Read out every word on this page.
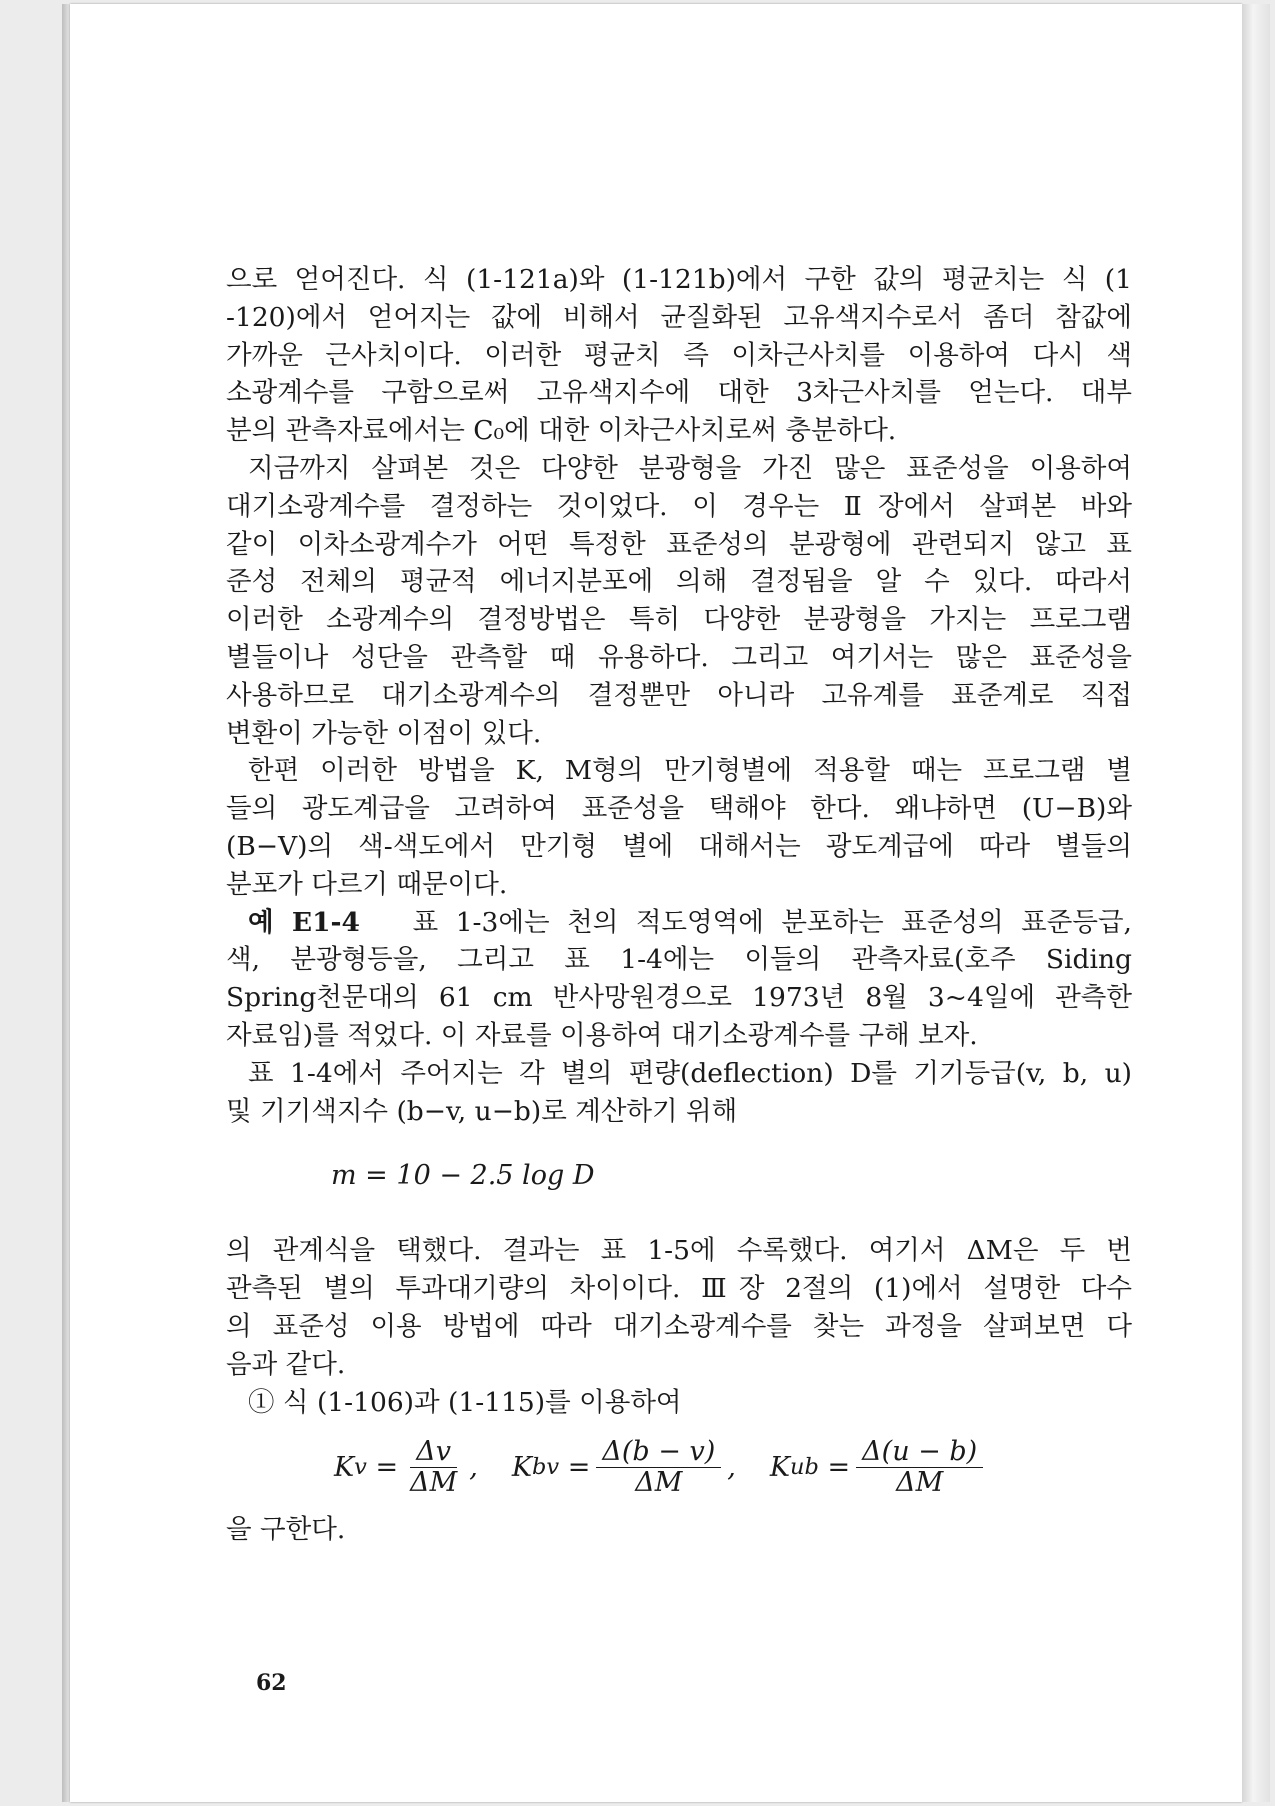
으로 얻어진다. 식 (1-121a)와 (1-121b)에서 구한 값의 평균치는 식 (1
-120)에서 얻어지는 값에 비해서 균질화된 고유색지수로서 좀더 참값에
가까운 근사치이다. 이러한 평균치 즉 이차근사치를 이용하여 다시 색
소광계수를 구함으로써 고유색지수에 대한 3차근사치를 얻는다. 대부
분의 관측자료에서는 C₀에 대한 이차근사치로써 충분하다.
지금까지 살펴본 것은 다양한 분광형을 가진 많은 표준성을 이용하여
대기소광계수를 결정하는 것이었다. 이 경우는 Ⅱ장에서 살펴본 바와
같이 이차소광계수가 어떤 특정한 표준성의 분광형에 관련되지 않고 표
준성 전체의 평균적 에너지분포에 의해 결정됨을 알 수 있다. 따라서
이러한 소광계수의 결정방법은 특히 다양한 분광형을 가지는 프로그램
별들이나 성단을 관측할 때 유용하다. 그리고 여기서는 많은 표준성을
사용하므로 대기소광계수의 결정뿐만 아니라 고유계를 표준계로 직접
변환이 가능한 이점이 있다.
한편 이러한 방법을 K, M형의 만기형별에 적용할 때는 프로그램 별
들의 광도계급을 고려하여 표준성을 택해야 한다. 왜냐하면 (U−B)와
(B−V)의 색-색도에서 만기형 별에 대해서는 광도계급에 따라 별들의
분포가 다르기 때문이다.
예 E1-4 표 1-3에는 천의 적도영역에 분포하는 표준성의 표준등급,
색, 분광형등을, 그리고 표 1-4에는 이들의 관측자료(호주 Siding
Spring천문대의 61 cm 반사망원경으로 1973년 8월 3~4일에 관측한
자료임)를 적었다. 이 자료를 이용하여 대기소광계수를 구해 보자.
표 1-4에서 주어지는 각 별의 편량(deflection) D를 기기등급(v, b, u)
및 기기색지수 (b−v, u−b)로 계산하기 위해
m = 10 − 2.5 log D
의 관계식을 택했다. 결과는 표 1-5에 수록했다. 여기서 ΔM은 두 번
관측된 별의 투과대기량의 차이이다. Ⅲ장 2절의 (1)에서 설명한 다수
의 표준성 이용 방법에 따라 대기소광계수를 찾는 과정을 살펴보면 다
음과 같다.
① 식 (1-106)과 (1-115)를 이용하여
K $v = \frac{\Delta v}{\Delta M}$ , K bv = $\frac{\Delta(b - v)}{\Delta M}$ , K ub = $\frac{\Delta(u - b)}{\Delta M}$
을 구한다.
62
